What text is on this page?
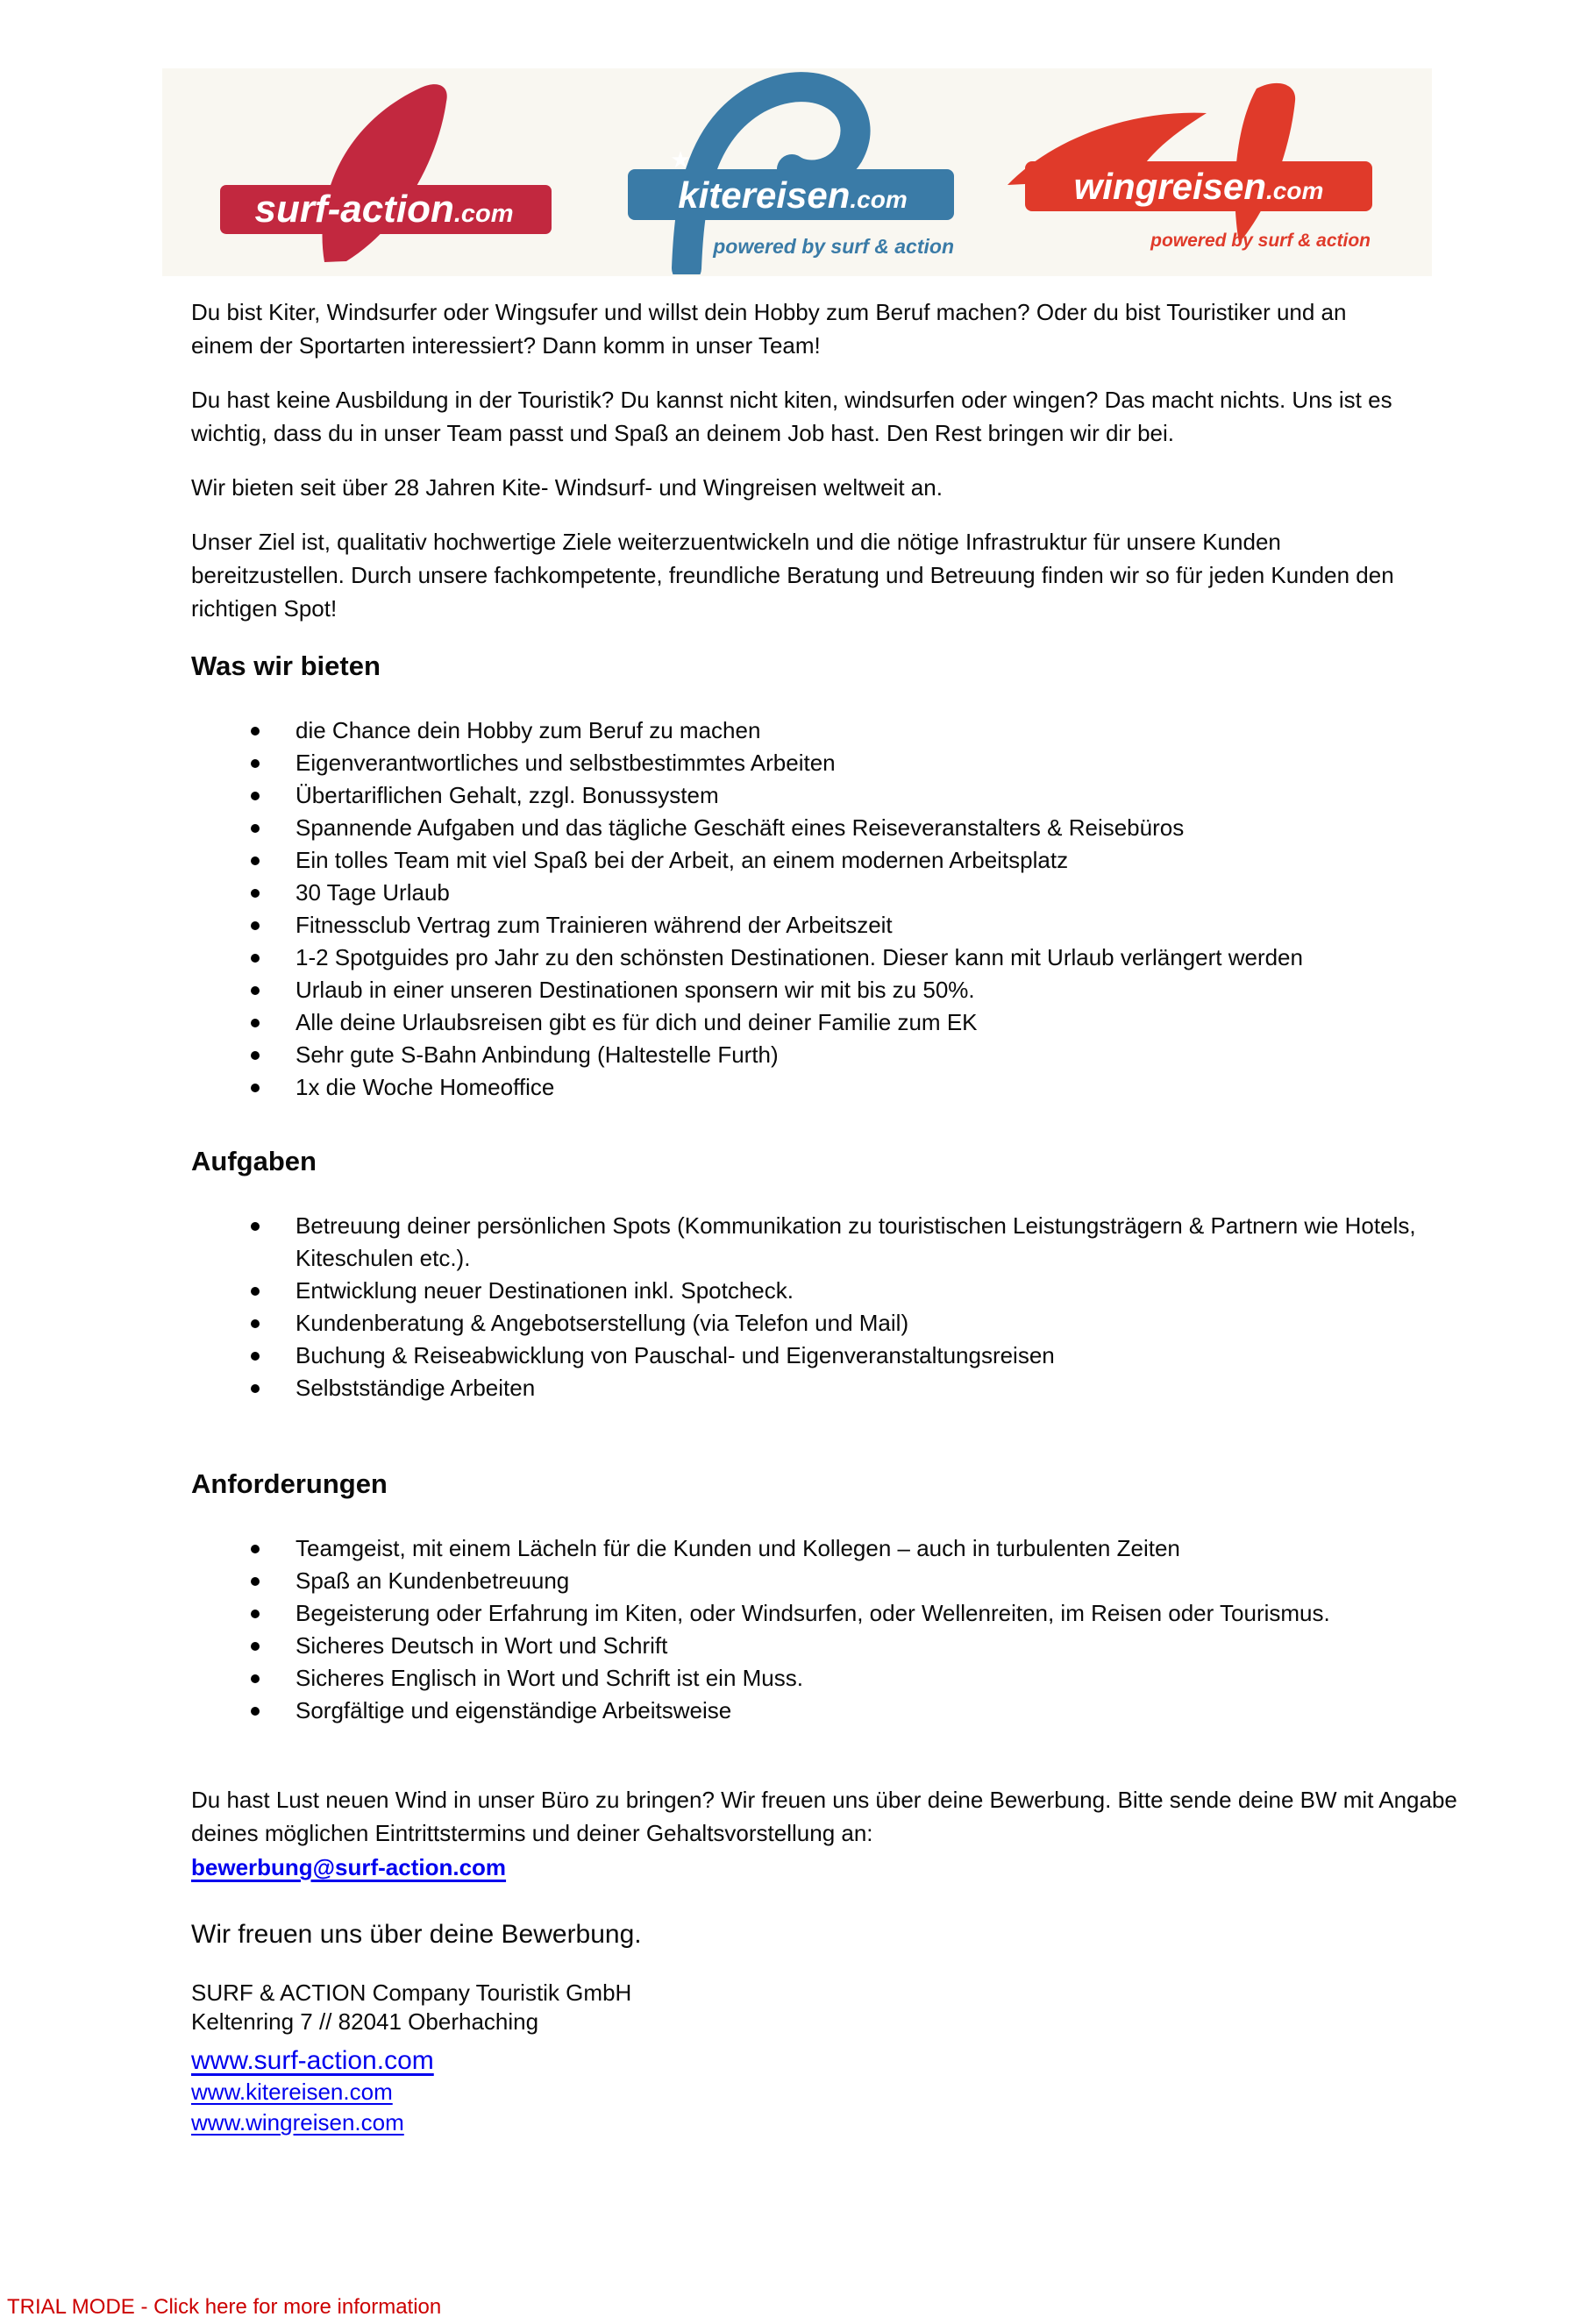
surf-action.com
★
kitereisen.com
powered by surf & action
wingreisen.com
powered by surf & action

Du bist Kiter, Windsurfer oder Wingsufer und willst dein Hobby zum Beruf machen? Oder du bist Touristiker und an einem der Sportarten interessiert? Dann komm in unser Team!

Du hast keine Ausbildung in der Touristik? Du kannst nicht kiten, windsurfen oder wingen? Das macht nichts. Uns ist es wichtig, dass du in unser Team passt und Spaß an deinem Job hast. Den Rest bringen wir dir bei.

Wir bieten seit über 28 Jahren Kite- Windsurf- und Wingreisen weltweit an.

Unser Ziel ist, qualitativ hochwertige Ziele weiterzuentwickeln und die nötige Infrastruktur für unsere Kunden bereitzustellen. Durch unsere fachkompetente, freundliche Beratung und Betreuung finden wir so für jeden Kunden den richtigen Spot!

Was wir bieten
die Chance dein Hobby zum Beruf zu machen
Eigenverantwortliches und selbstbestimmtes Arbeiten
Übertariflichen Gehalt, zzgl. Bonussystem
Spannende Aufgaben und das tägliche Geschäft eines Reiseveranstalters & Reisebüros
Ein tolles Team mit viel Spaß bei der Arbeit, an einem modernen Arbeitsplatz
30 Tage Urlaub
Fitnessclub Vertrag zum Trainieren während der Arbeitszeit
1-2 Spotguides pro Jahr zu den schönsten Destinationen. Dieser kann mit Urlaub verlängert werden
Urlaub in einer unseren Destinationen sponsern wir mit bis zu 50%.
Alle deine Urlaubsreisen gibt es für dich und deiner Familie zum EK
Sehr gute S-Bahn Anbindung (Haltestelle Furth)
1x die Woche Homeoffice
Aufgaben
Betreuung deiner persönlichen Spots (Kommunikation zu touristischen Leistungsträgern & Partnern wie Hotels, Kiteschulen etc.).
Entwicklung neuer Destinationen inkl. Spotcheck.
Kundenberatung & Angebotserstellung (via Telefon und Mail)
Buchung & Reiseabwicklung von Pauschal- und Eigenveranstaltungsreisen
Selbstständige Arbeiten
Anforderungen
Teamgeist, mit einem Lächeln für die Kunden und Kollegen – auch in turbulenten Zeiten
Spaß an Kundenbetreuung
Begeisterung oder Erfahrung im Kiten, oder Windsurfen, oder Wellenreiten, im Reisen oder Tourismus.
Sicheres Deutsch in Wort und Schrift
Sicheres Englisch in Wort und Schrift ist ein Muss.
Sorgfältige und eigenständige Arbeitsweise

Du hast Lust neuen Wind in unser Büro zu bringen? Wir freuen uns über deine Bewerbung. Bitte sende deine BW mit Angabe deines möglichen Eintrittstermins und deiner Gehaltsvorstellung an:

bewerbung@surf-action.com

Wir freuen uns über deine Bewerbung.

SURF & ACTION Company Touristik GmbH
Keltenring 7 // 82041 Oberhaching
www.surf-action.com
www.kitereisen.com
www.wingreisen.com
TRIAL MODE - Click here for more information
